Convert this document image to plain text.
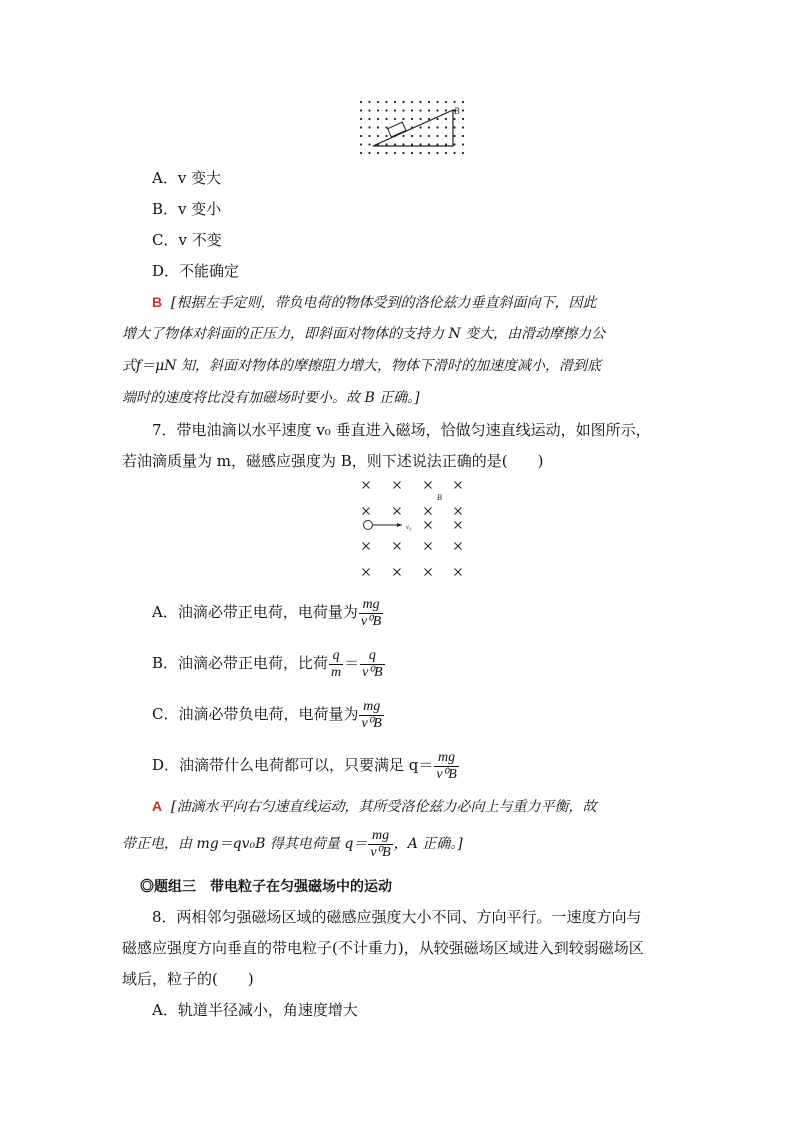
B
A．v 变大
B．v 变小
C．v 不变
D．不能确定
B [根据左手定则，带负电荷的物体受到的洛伦兹力垂直斜面向下，因此
增大了物体对斜面的正压力，即斜面对物体的支持力 N 变大，由滑动摩擦力公
式f＝μN 知，斜面对物体的摩擦阻力增大，物体下滑时的加速度减小，滑到底
端时的速度将比没有加磁场时要小。故 B 正确。]
7．带电油滴以水平速度 v₀ 垂直进入磁场，恰做匀速直线运动，如图所示，
若油滴质量为 m，磁感应强度为 B，则下述说法正确的是(　　)
v₀
B
A．油滴必带正电荷，电荷量为 $\frac{mg}{\text{v⁰B}}$
B．油滴必带正电荷，比荷 $\frac{q}{m} = \frac{q}{\text{v⁰B}}$
C．油滴必带负电荷，电荷量为 $\frac{mg}{\text{v⁰B}}$
D．油滴带什么电荷都可以，只要满足 $q= \frac{mg}{\text{v⁰B}}$
A [油滴水平向右匀速直线运动，其所受洛伦兹力必向上与重力平衡，故
带正电，由 mg＝qv₀B 得其电荷量 $q= \frac{mg}{\text{v⁰B}}$ ，A 正确。]
◎题组三　带电粒子在匀强磁场中的运动
8．两相邻匀强磁场区域的磁感应强度大小不同、方向平行。一速度方向与
磁感应强度方向垂直的带电粒子(不计重力)，从较强磁场区域进入到较弱磁场区
域后，粒子的(　　)
A．轨道半径减小，角速度增大
